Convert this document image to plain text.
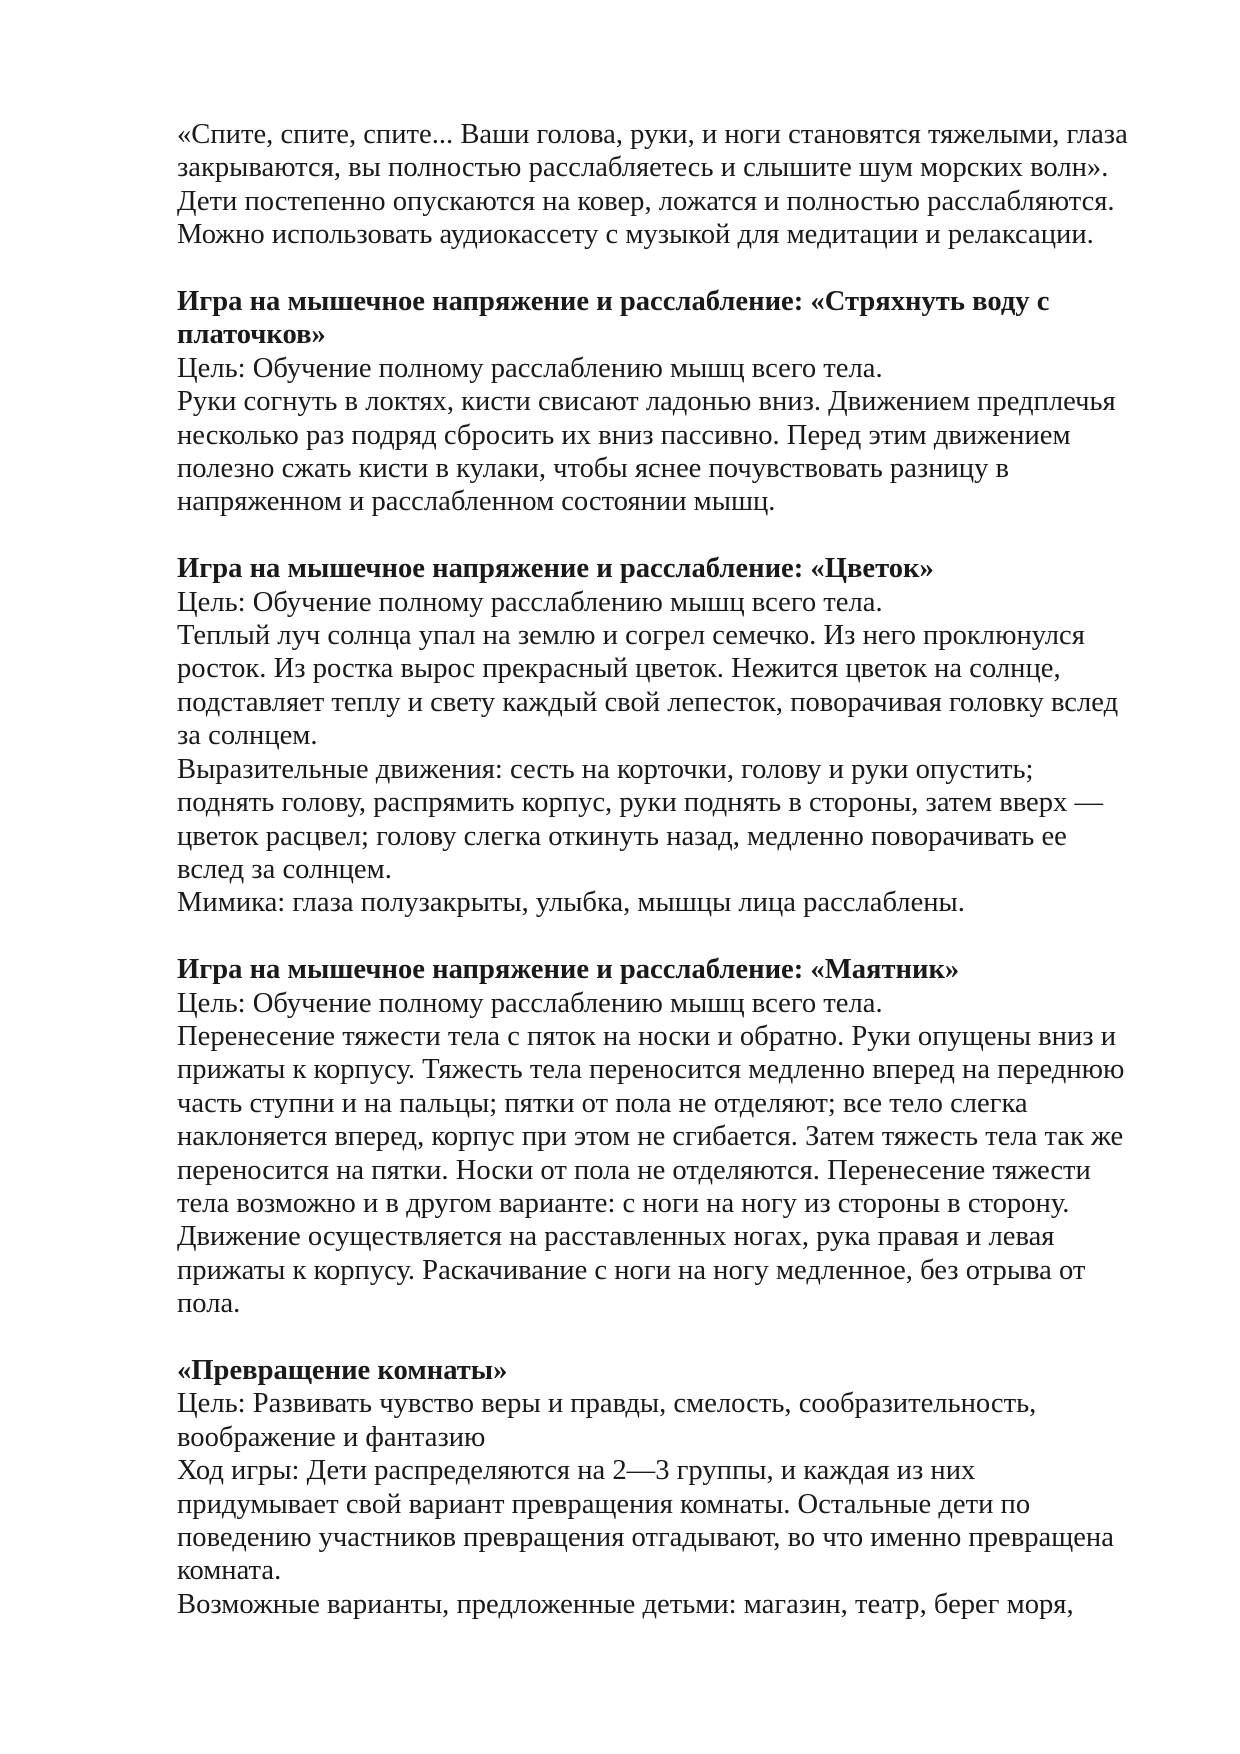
«Спите, спите, спите... Ваши голова, руки, и ноги становятся тяжелыми, глаза
закрываются, вы полностью расслабляетесь и слышите шум морских волн».
Дети постепенно опускаются на ковер, ложатся и полностью расслабляются.
Можно использовать аудиокассету с музыкой для медитации и релаксации.
Игра на мышечное напряжение и расслабление: «Стряхнуть воду с
платочков»
Цель: Обучение полному расслаблению мышц всего тела.
Руки согнуть в локтях, кисти свисают ладонью вниз. Движением предплечья
несколько раз подряд сбросить их вниз пассивно. Перед этим движением
полезно сжать кисти в кулаки, чтобы яснее почувствовать разницу в
напряженном и расслабленном состоянии мышц.
Игра на мышечное напряжение и расслабление: «Цветок»
Цель: Обучение полному расслаблению мышц всего тела.
Теплый луч солнца упал на землю и согрел семечко. Из него проклюнулся
росток. Из ростка вырос прекрасный цветок. Нежится цветок на солнце,
подставляет теплу и свету каждый свой лепесток, поворачивая головку вслед
за солнцем.
Выразительные движения: сесть на корточки, голову и руки опустить;
поднять голову, распрямить корпус, руки поднять в стороны, затем вверх —
цветок расцвел; голову слегка откинуть назад, медленно поворачивать ее
вслед за солнцем.
Мимика: глаза полузакрыты, улыбка, мышцы лица расслаблены.
Игра на мышечное напряжение и расслабление: «Маятник»
Цель: Обучение полному расслаблению мышц всего тела.
Перенесение тяжести тела с пяток на носки и обратно. Руки опущены вниз и
прижаты к корпусу. Тяжесть тела переносится медленно вперед на переднюю
часть ступни и на пальцы; пятки от пола не отделяют; все тело слегка
наклоняется вперед, корпус при этом не сгибается. Затем тяжесть тела так же
переносится на пятки. Носки от пола не отделяются. Перенесение тяжести
тела возможно и в другом варианте: с ноги на ногу из стороны в сторону.
Движение осуществляется на расставленных ногах, рука правая и левая
прижаты к корпусу. Раскачивание с ноги на ногу медленное, без отрыва от
пола.
«Превращение комнаты»
Цель: Развивать чувство веры и правды, смелость, сообразительность,
воображение и фантазию
Ход игры: Дети распределяются на 2—3 группы, и каждая из них
придумывает свой вариант превращения комнаты. Остальные дети по
поведению участников превращения отгадывают, во что именно превращена
комната.
Возможные варианты, предложенные детьми: магазин, театр, берег моря,
